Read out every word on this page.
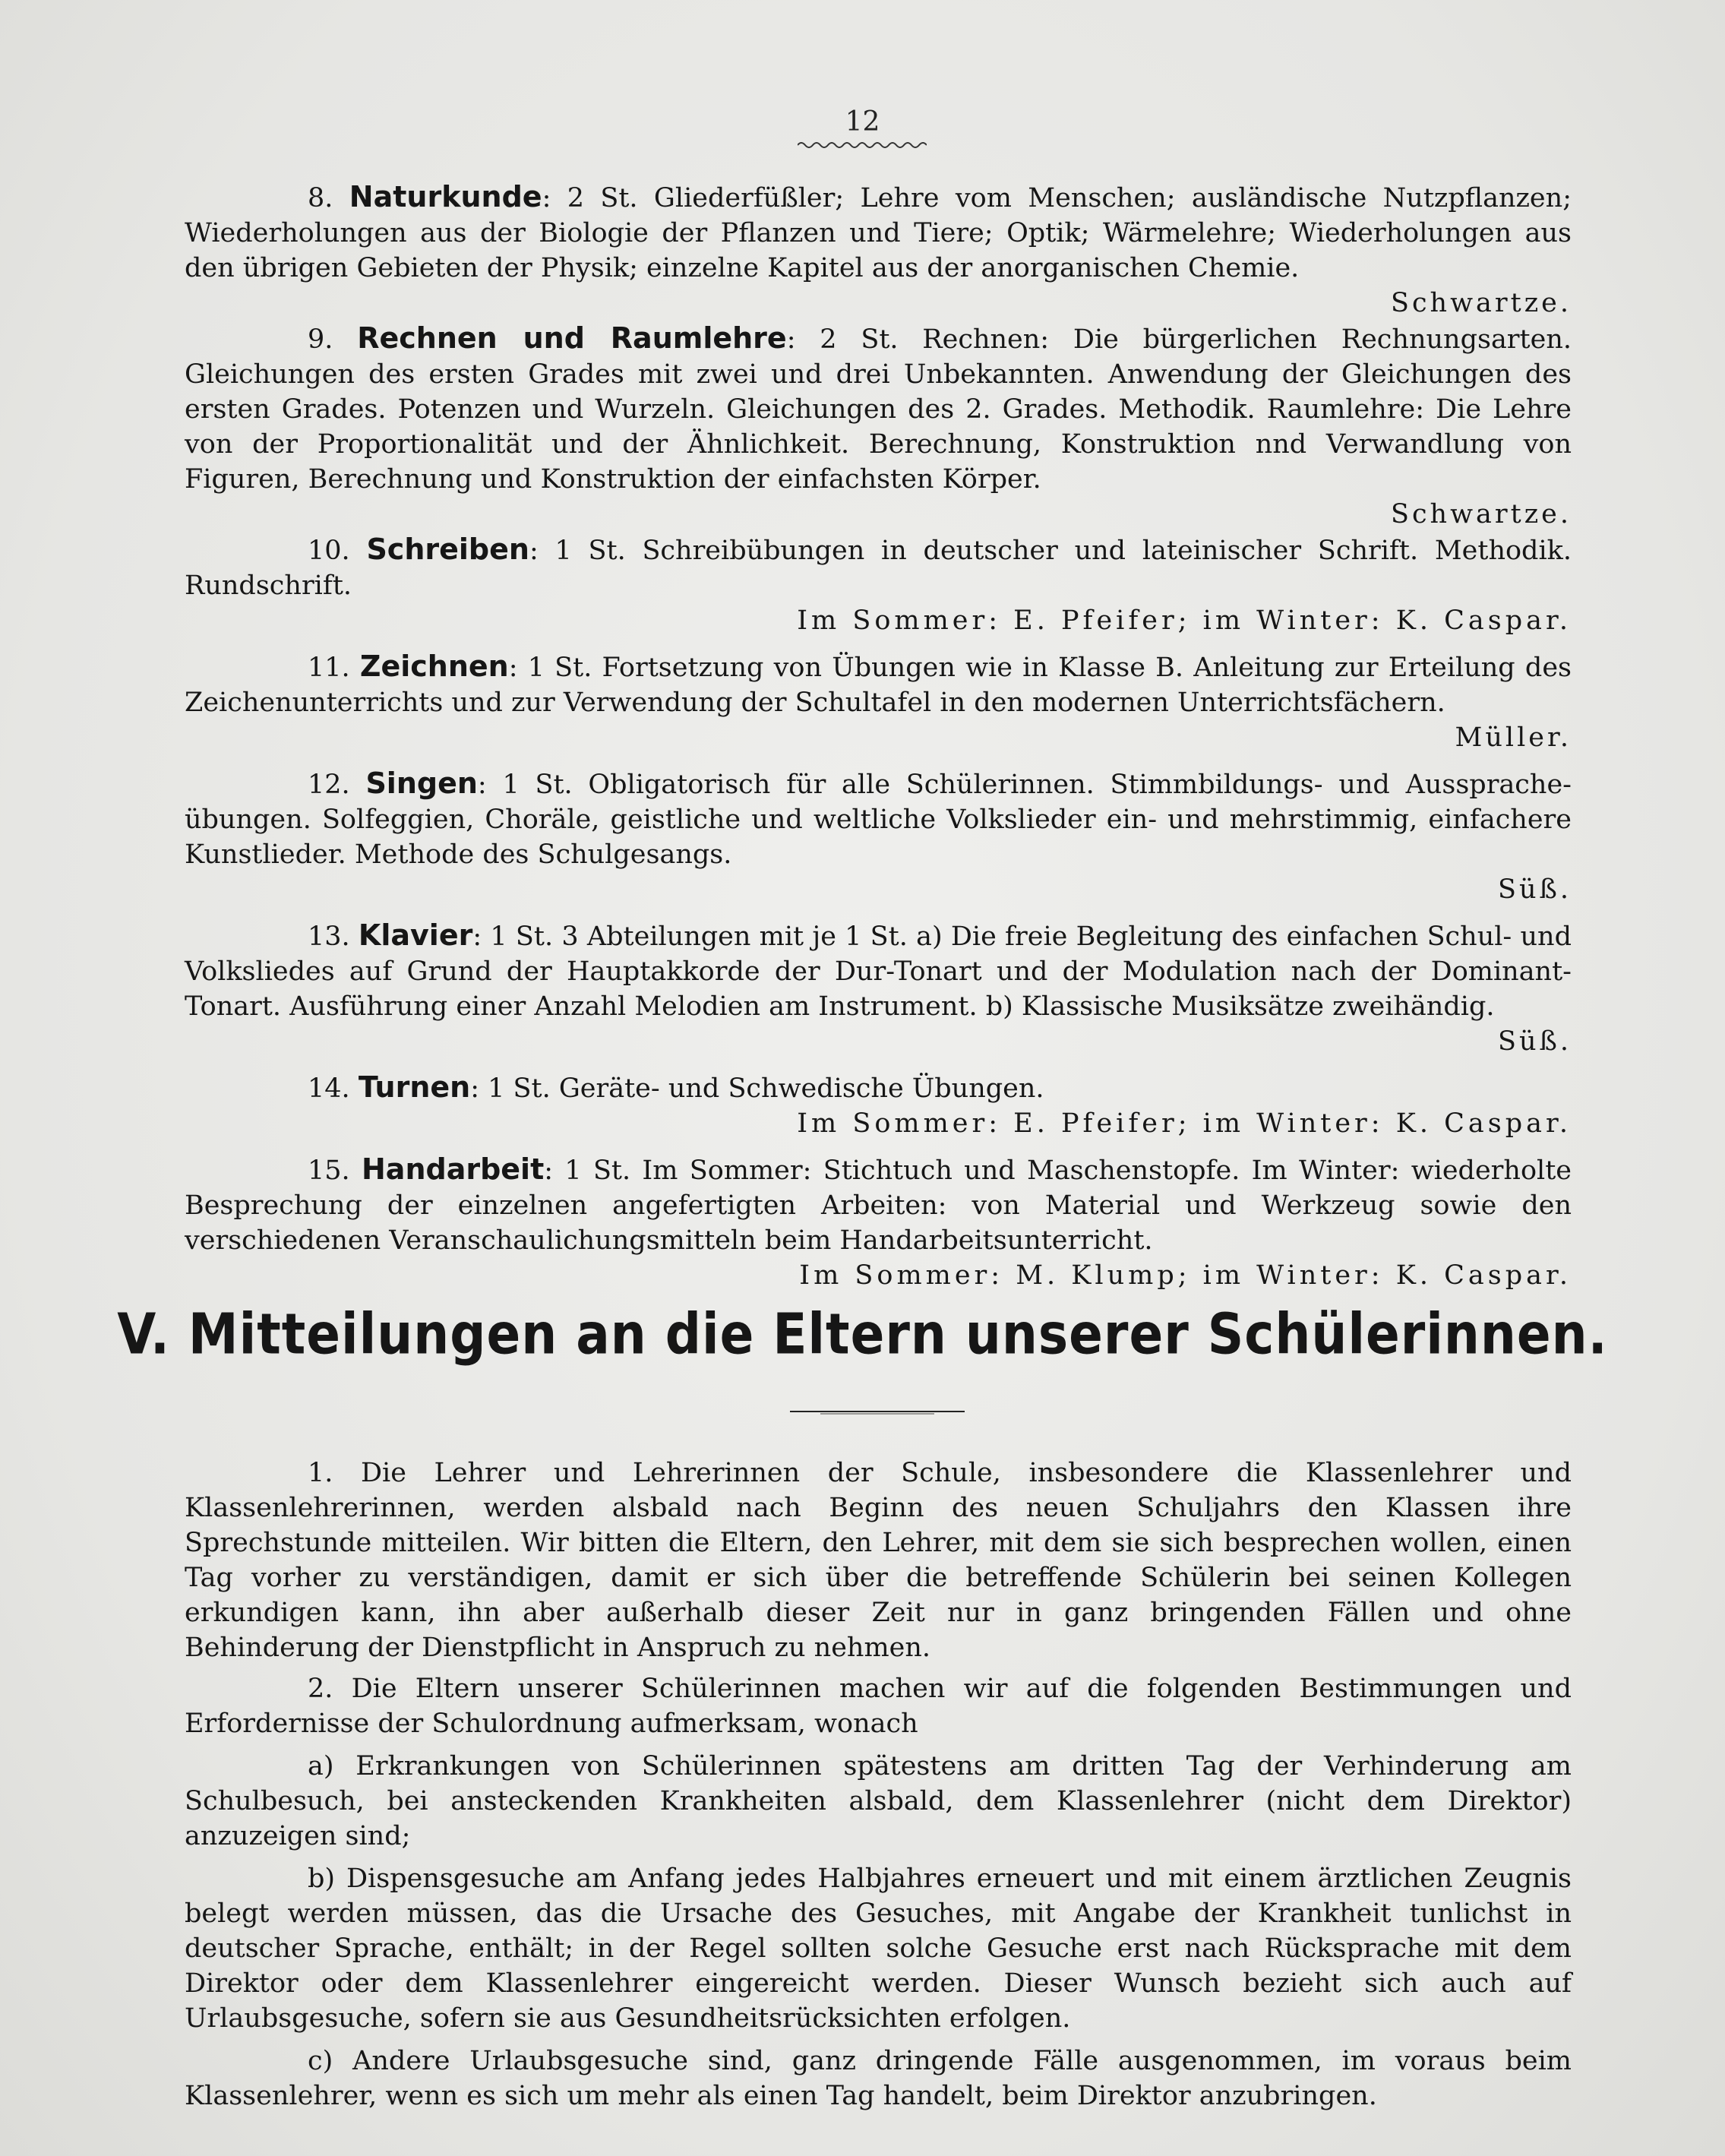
12
8. Naturkunde: 2 St. Gliederfüßler; Lehre vom Menschen; ausländische Nutzpflanzen; Wiederholungen aus der Biologie der Pflanzen und Tiere; Optik; Wärmelehre; Wiederholungen aus den übrigen Gebieten der Physik; einzelne Kapitel aus der anorganischen Chemie.
Schwartze.
9. Rechnen und Raumlehre: 2 St. Rechnen: Die bürgerlichen Rechnungsarten. Gleichungen des ersten Grades mit zwei und drei Unbekannten. Anwendung der Gleichungen des ersten Grades. Potenzen und Wurzeln. Gleichungen des 2. Grades. Methodik. Raumlehre: Die Lehre von der Proportionalität und der Ähnlichkeit. Berechnung, Konstruktion nnd Verwandlung von Figuren, Berechnung und Konstruktion der einfachsten Körper.
Schwartze.
10. Schreiben: 1 St. Schreibübungen in deutscher und lateinischer Schrift. Methodik. Rundschrift.
Im Sommer: E. Pfeifer; im Winter: K. Caspar.
11. Zeichnen: 1 St. Fortsetzung von Übungen wie in Klasse B. Anleitung zur Erteilung des Zeichenunterrichts und zur Verwendung der Schultafel in den modernen Unterrichtsfächern.
Müller.
12. Singen: 1 St. Obligatorisch für alle Schülerinnen. Stimmbildungs- und Aussprache-übungen. Solfeggien, Choräle, geistliche und weltliche Volkslieder ein- und mehrstimmig, einfachere Kunstlieder. Methode des Schulgesangs.
Süß.
13. Klavier: 1 St. 3 Abteilungen mit je 1 St. a) Die freie Begleitung des einfachen Schul- und Volksliedes auf Grund der Hauptakkorde der Dur-Tonart und der Modulation nach der Dominant-Tonart. Ausführung einer Anzahl Melodien am Instrument. b) Klassische Musiksätze zweihändig.
Süß.
14. Turnen: 1 St. Geräte- und Schwedische Übungen.
Im Sommer: E. Pfeifer; im Winter: K. Caspar.
15. Handarbeit: 1 St. Im Sommer: Stichtuch und Maschenstopfe. Im Winter: wiederholte Besprechung der einzelnen angefertigten Arbeiten: von Material und Werkzeug sowie den verschiedenen Veranschaulichungsmitteln beim Handarbeitsunterricht.
Im Sommer: M. Klump; im Winter: K. Caspar.
V. Mitteilungen an die Eltern unserer Schülerinnen.

1. Die Lehrer und Lehrerinnen der Schule, insbesondere die Klassenlehrer und Klassenlehrerinnen, werden alsbald nach Beginn des neuen Schuljahrs den Klassen ihre Sprechstunde mitteilen. Wir bitten die Eltern, den Lehrer, mit dem sie sich besprechen wollen, einen Tag vorher zu verständigen, damit er sich über die betreffende Schülerin bei seinen Kollegen erkundigen kann, ihn aber außerhalb dieser Zeit nur in ganz bringenden Fällen und ohne Behinderung der Dienstpflicht in Anspruch zu nehmen.

2. Die Eltern unserer Schülerinnen machen wir auf die folgenden Bestimmungen und Erfordernisse der Schulordnung aufmerksam, wonach

a) Erkrankungen von Schülerinnen spätestens am dritten Tag der Verhinderung am Schulbesuch, bei ansteckenden Krankheiten alsbald, dem Klassenlehrer (nicht dem Direktor) anzuzeigen sind;

b) Dispensgesuche am Anfang jedes Halbjahres erneuert und mit einem ärztlichen Zeugnis belegt werden müssen, das die Ursache des Gesuches, mit Angabe der Krankheit tunlichst in deutscher Sprache, enthält; in der Regel sollten solche Gesuche erst nach Rücksprache mit dem Direktor oder dem Klassenlehrer eingereicht werden. Dieser Wunsch bezieht sich auch auf Urlaubsgesuche, sofern sie aus Gesundheitsrücksichten erfolgen.

c) Andere Urlaubsgesuche sind, ganz dringende Fälle ausgenommen, im voraus beim Klassenlehrer, wenn es sich um mehr als einen Tag handelt, beim Direktor anzubringen.
